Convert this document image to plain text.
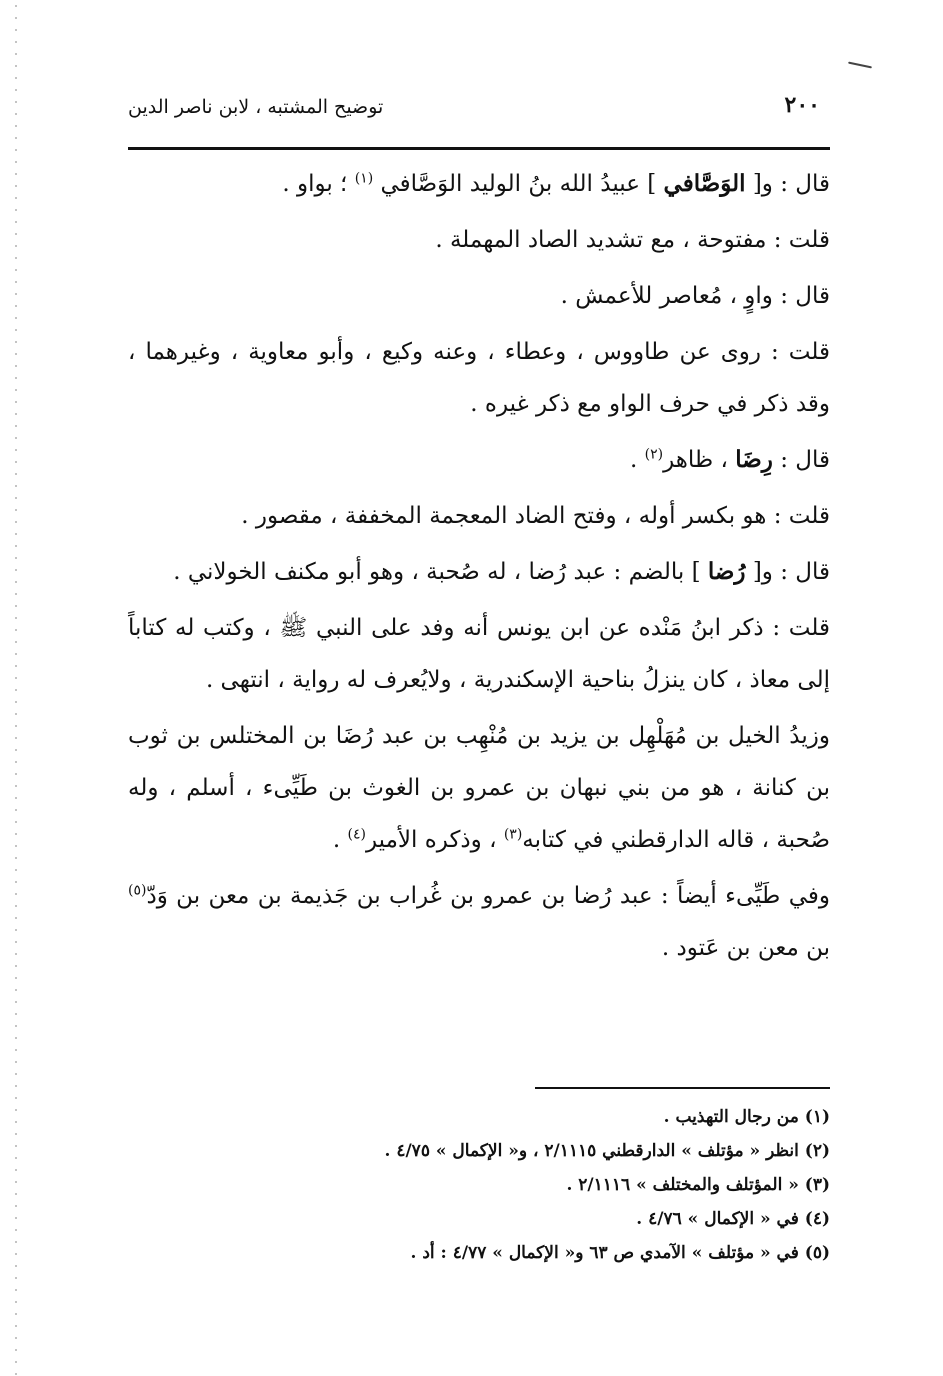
٢٠٠
توضيح المشتبه ، لابن ناصر الدين

قال : و[ الوَصَّافي ] عبيدُ الله بنُ الوليد الوَصَّافي $^{(١)}$ ؛ بواو .

قلت : مفتوحة ، مع تشديد الصاد المهملة .

قال : واوٍ ، مُعاصر للأعمش .

قلت : روى عن طاووس ، وعطاء ، وعنه وكيع ، وأبو معاوية ، وغيرهما ، وقد ذكر في حرف الواو مع ذكر غيره .

قال : رِضَا ، ظاهر$^{(٢)}$ .

قلت : هو بكسر أوله ، وفتح الضاد المعجمة المخففة ، مقصور .

قال : و[ رُضا ] بالضم : عبد رُضا ، له صُحبة ، وهو أبو مكنف الخولاني .

قلت : ذكر ابنُ مَنْده عن ابن يونس أنه وفد على النبي ﷺ ، وكتب له كتاباً إلى معاذ ، كان ينزلُ بناحية الإسكندرية ، ولايُعرف له رواية ، انتهى .

وزيدُ الخيل بن مُهَلْهِل بن يزيد بن مُنْهِب بن عبد رُضَا بن المختلس بن ثوب بن كنانة ، هو من بني نبهان بن عمرو بن الغوث بن طَيِّىء ، أسلم ، وله صُحبة ، قاله الدارقطني في كتابه$^{(٣)}$ ، وذكره الأمير$^{(٤)}$ .

وفي طَيِّىء أيضاً : عبد رُضا بن عمرو بن غُراب بن جَذيمة بن معن بن وَدّ$^{(٥)}$ بن معن بن عَتود .

(١) من رجال التهذيب .
(٢) انظر « مؤتلف » الدارقطني ٢/١١١٥ ، و« الإكمال » ٤/٧٥ .
(٣) « المؤتلف والمختلف » ٢/١١١٦ .
(٤) في « الإكمال » ٤/٧٦ .
(٥) في « مؤتلف » الآمدي ص ٦٣ و« الإكمال » ٤/٧٧ : أد .
